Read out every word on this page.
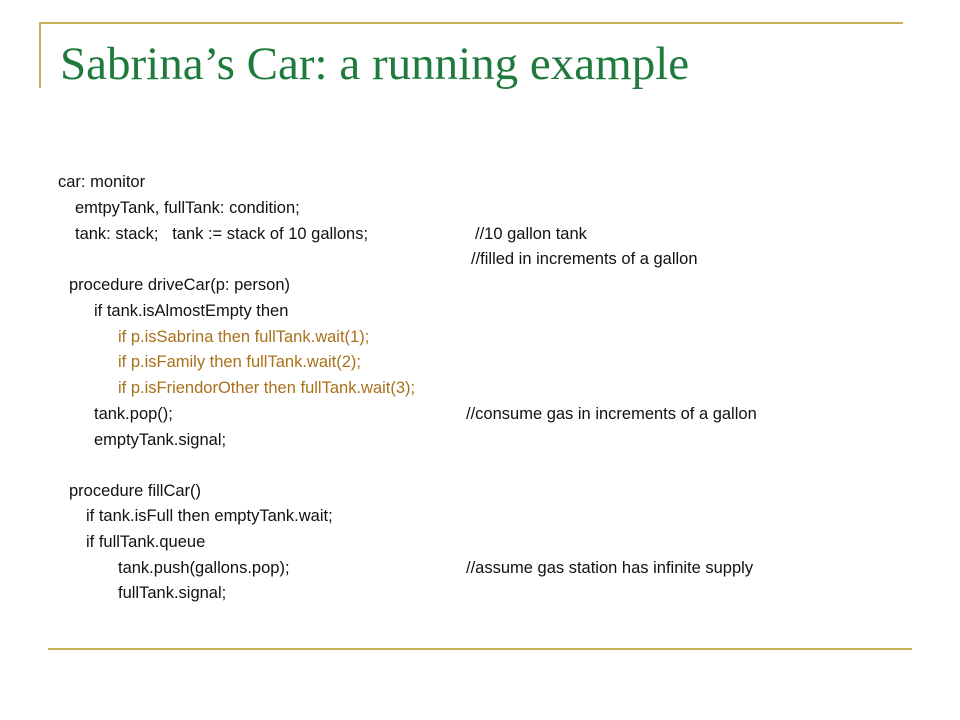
Sabrina’s Car: a running example
car: monitor
emtpyTank, fullTank: condition;
tank: stack;   tank := stack of 10 gallons;	//10 gallon tank
//filled in increments of a gallon
procedure driveCar(p: person)
if tank.isAlmostEmpty then
if p.isSabrina then fullTank.wait(1);
if p.isFamily then fullTank.wait(2);
if p.isFriendorOther then fullTank.wait(3);
tank.pop();	//consume gas in increments of a gallon
emptyTank.signal;
procedure fillCar()
if tank.isFull then emptyTank.wait;
if fullTank.queue
tank.push(gallons.pop);	//assume gas station has infinite supply
fullTank.signal;
